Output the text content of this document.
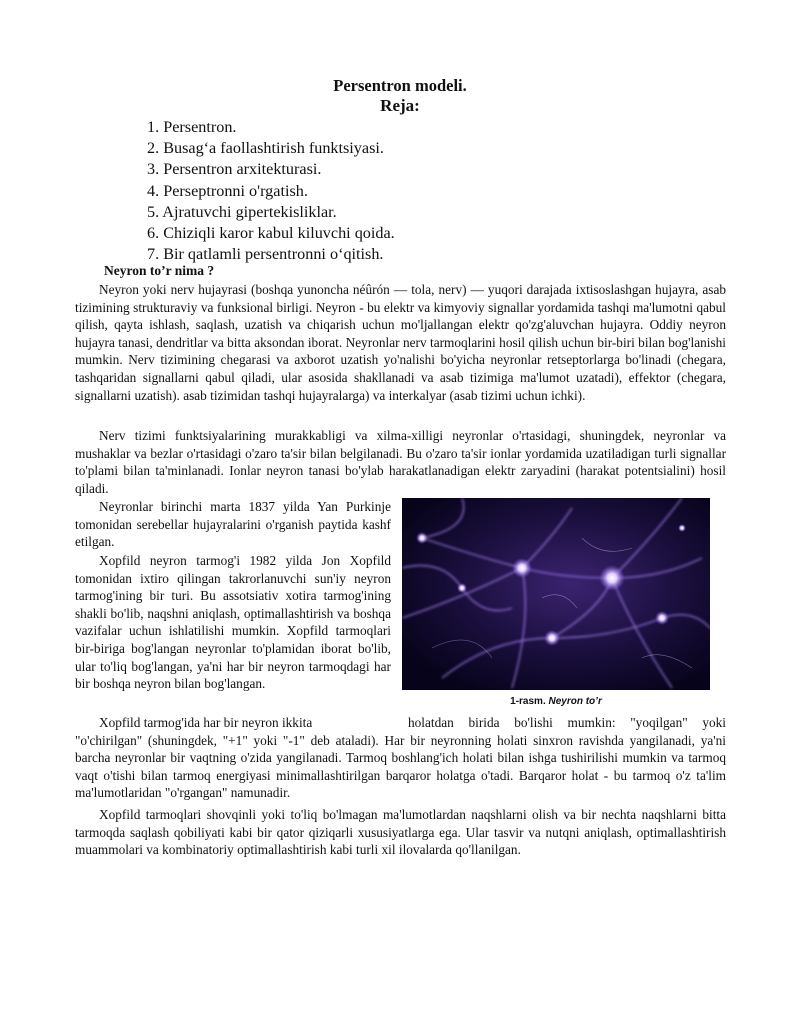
Persentron modeli.
Reja:
1. Persentron.
2. Busag‘a faollashtirish funktsiyasi.
3. Persentron arxitekturasi.
4. Perseptronni o'rgatish.
5. Ajratuvchi gipertekisliklar.
6. Chiziqli karor kabul kiluvchi qoida.
7. Bir qatlamli persentronni o‘qitish.
Neyron to’r nima ?

Neyron yoki nerv hujayrasi (boshqa yunoncha néûrón — tola, nerv) — yuqori darajada ixtisoslashgan hujayra, asab tizimining strukturaviy va funksional birligi. Neyron - bu elektr va kimyoviy signallar yordamida tashqi ma'lumotni qabul qilish, qayta ishlash, saqlash, uzatish va chiqarish uchun mo'ljallangan elektr qo'zg'aluvchan hujayra. Oddiy neyron hujayra tanasi, dendritlar va bitta aksondan iborat. Neyronlar nerv tarmoqlarini hosil qilish uchun bir-biri bilan bog'lanishi mumkin. Nerv tizimining chegarasi va axborot uzatish yo'nalishi bo'yicha neyronlar retseptorlarga bo'linadi (chegara, tashqaridan signallarni qabul qiladi, ular asosida shakllanadi va asab tizimiga ma'lumot uzatadi), effektor (chegara, signallarni uzatish). asab tizimidan tashqi hujayralarga) va interkalyar (asab tizimi uchun ichki).

Nerv tizimi funktsiyalarining murakkabligi va xilma-xilligi neyronlar o'rtasidagi, shuningdek, neyronlar va mushaklar va bezlar o'rtasidagi o'zaro ta'sir bilan belgilanadi. Bu o'zaro ta'sir ionlar yordamida uzatiladigan turli signallar to'plami bilan ta'minlanadi. Ionlar neyron tanasi bo'ylab harakatlanadigan elektr zaryadini (harakat potentsialini) hosil qiladi.

Neyronlar birinchi marta 1837 yilda Yan Purkinje tomonidan serebellar hujayralarini o'rganish paytida kashf etilgan.

Xopfild neyron tarmog'i 1982 yilda Jon Xopfild tomonidan ixtiro qilingan takrorlanuvchi sun'iy neyron tarmog'ining bir turi. Bu assotsiativ xotira tarmog'ining shakli bo'lib, naqshni aniqlash, optimallashtirish va boshqa vazifalar uchun ishlatilishi mumkin. Xopfild tarmoqlari bir-biriga bog'langan neyronlar to'plamidan iborat bo'lib, ular to'liq bog'langan, ya'ni har bir neyron tarmoqdagi har bir boshqa neyron bilan bog'langan.

1-rasm. Neyron to’r

Xopfild tarmog'ida har bir neyron ikkita	holatdan birida bo'lishi mumkin: "yoqilgan" yoki "o'chirilgan" (shuningdek, "+1" yoki "-1" deb ataladi). Har bir neyronning holati sinxron ravishda yangilanadi, ya'ni barcha neyronlar bir vaqtning o'zida yangilanadi. Tarmoq boshlang'ich holati bilan ishga tushirilishi mumkin va tarmoq vaqt o'tishi bilan tarmoq energiyasi minimallashtirilgan barqaror holatga o'tadi. Barqaror holat - bu tarmoq o'z ta'lim ma'lumotlaridan "o'rgangan" namunadir.

Xopfild tarmoqlari shovqinli yoki to'liq bo'lmagan ma'lumotlardan naqshlarni olish va bir nechta naqshlarni bitta tarmoqda saqlash qobiliyati kabi bir qator qiziqarli xususiyatlarga ega. Ular tasvir va nutqni aniqlash, optimallashtirish muammolari va kombinatoriy optimallashtirish kabi turli xil ilovalarda qo'llanilgan.
